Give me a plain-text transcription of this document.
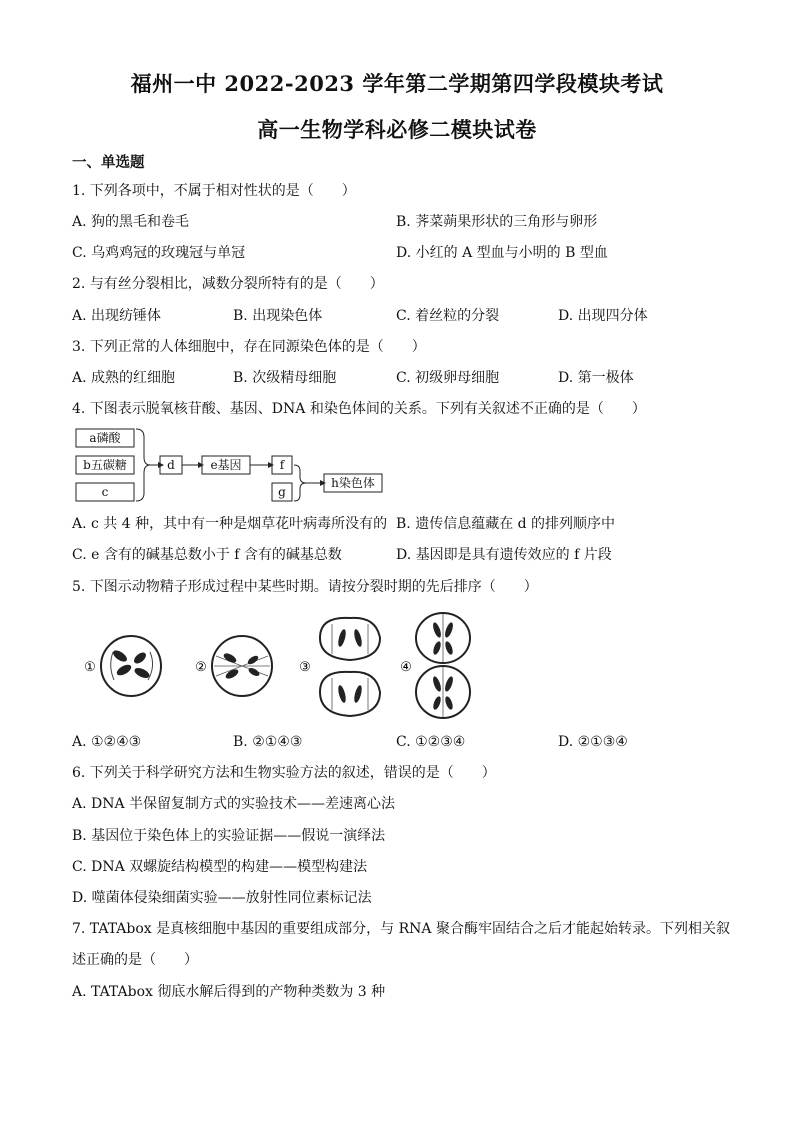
福州一中 2022-2023 学年第二学期第四学段模块考试
高一生物学科必修二模块试卷
一、单选题
1. 下列各项中，不属于相对性状的是（　　）
A. 狗的黑毛和卷毛	B. 荠菜蒴果形状的三角形与卵形
C. 乌鸡鸡冠的玫瑰冠与单冠	D. 小红的 A 型血与小明的 B 型血
2. 与有丝分裂相比，减数分裂所特有的是（　　）
A. 出现纺锤体	B. 出现染色体	C. 着丝粒的分裂	D. 出现四分体
3. 下列正常的人体细胞中，存在同源染色体的是（　　）
A. 成熟的红细胞	B. 次级精母细胞	C. 初级卵母细胞	D. 第一极体
4. 下图表示脱氧核苷酸、基因、DNA 和染色体间的关系。下列有关叙述不正确的是（　　）
a磷酸
b五碳糖
c
d	e基因	f
g
h染色体
A. c 共 4 种，其中有一种是烟草花叶病毒所没有的 B. 遗传信息蕴藏在 d 的排列顺序中
C. e 含有的碱基总数小于 f 含有的碱基总数	D. 基因即是具有遗传效应的 f 片段
5. 下图示动物精子形成过程中某些时期。请按分裂时期的先后排序（　　）
①	②	③	④
A. ①②④③	B. ②①④③	C. ①②③④	D. ②①③④
6. 下列关于科学研究方法和生物实验方法的叙述，错误的是（　　）
A. DNA 半保留复制方式的实验技术——差速离心法
B. 基因位于染色体上的实验证据——假说一演绎法
C. DNA 双螺旋结构模型的构建——模型构建法
D. 噬菌体侵染细菌实验——放射性同位素标记法
7. TATAbox 是真核细胞中基因的重要组成部分，与 RNA 聚合酶牢固结合之后才能起始转录。下列相关叙
述正确的是（　　）
A. TATAbox 彻底水解后得到的产物种类数为 3 种
